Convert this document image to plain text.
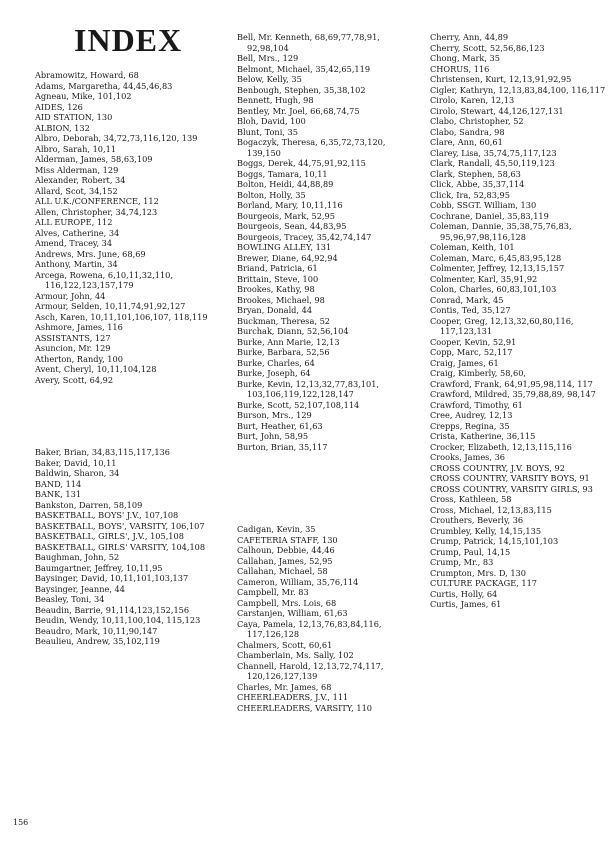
INDEX
Abramowitz, Howard, 68
Adams, Margaretha, 44,45,46,83
Agneau, Mike, 101,102
AIDES, 126
AID STATION, 130
ALBION, 132
Albro, Deborah, 34,72,73,116,120, 139
Albro, Sarah, 10,11
Alderman, James, 58,63,109
Miss Alderman, 129
Alexander, Robert, 34
Allard, Scot, 34,152
ALL U.K./CONFERENCE, 112
Allen, Christopher, 34,74,123
ALL EUROPE, 112
Alves, Catherine, 34
Amend, Tracey, 34
Andrews, Mrs. June, 68,69
Anthony, Martin, 34
Arcega, Rowena, 6,10,11,32,110, 116,122,123,157,179
Armour, John, 44
Armour, Selden, 10,11,74,91,92,127
Asch, Karen, 10,11,101,106,107, 118,119
Ashmore, James, 116
ASSISTANTS, 127
Asuncion, Mr. 129
Atherton, Randy, 100
Avent, Cheryl, 10,11,104,128
Avery, Scott, 64,92
Baker, Brian, 34,83,115,117,136
Baker, David, 10,11
Baldwin, Sharon, 34
BAND, 114
BANK, 131
Bankston, Darren, 58,109
BASKETBALL, BOYS' J.V., 107,108
BASKETBALL, BOYS', VARSITY, 106,107
BASKETBALL, GIRLS', J.V., 105,108
BASKETBALL, GIRLS' VARSITY, 104,108
Baughman, John, 52
Baumgartner, Jeffrey, 10,11,95
Baysinger, David, 10,11,101,103,137
Baysinger, Jeanne, 44
Beasley, Toni, 34
Beaudin, Barrie, 91,114,123,152,156
Beudin, Wendy, 10,11,100,104, 115,123
Beaudro, Mark, 10,11,90,147
Beaulieu, Andrew, 35,102,119
Bell, Mr. Kenneth, 68,69,77,78,91, 92,98,104
Bell, Mrs., 129
Belmont, Michael, 35,42,65,119
Below, Kelly, 35
Benbough, Stephen, 35,38,102
Bennett, Hugh, 98
Bentley, Mr. Joel, 66,68,74,75
Bloh, David, 100
Blunt, Toni, 35
Bogaczyk, Theresa, 6,35,72,73,120, 139,150
Boggs, Derek, 44,75,91,92,115
Boggs, Tamara, 10,11
Bolton, Heidi, 44,88,89
Bolton, Holly, 35
Borland, Mary, 10,11,116
Bourgeois, Mark, 52,95
Bourgeois, Sean, 44,83,95
Bourgeois, Tracey, 35,42,74,147
BOWLING ALLEY, 131
Brewer, Diane, 64,92,94
Briand, Patricia, 61
Brittain, Steve, 100
Brookes, Kathy, 98
Brookes, Michael, 98
Bryan, Donald, 44
Buckman, Theresa, 52
Burchak, Diann, 52,56,104
Burke, Ann Marie, 12,13
Burke, Barbara, 52,56
Burke, Charles, 64
Burke, Joseph, 64
Burke, Kevin, 12,13,32,77,83,101, 103,106,119,122,128,147
Burke, Scott, 52,107,108,114
Burson, Mrs., 129
Burt, Heather, 61,63
Burt, John, 58,95
Burton, Brian, 35,117
Cadigan, Kevin, 35
CAFETERIA STAFF, 130
Calhoun, Debbie, 44,46
Callahan, James, 52,95
Callahan, Michael, 58
Cameron, William, 35,76,114
Campbell, Mr. 83
Campbell, Mrs. Lois, 68
Carstanjen, William, 61,63
Caya, Pamela, 12,13,76,83,84,116, 117,126,128
Chalmers, Scott, 60,61
Chamberlain, Ms. Sally, 102
Channell, Harold, 12,13,72,74,117, 120,126,127,139
Charles, Mr. James, 68
CHEERLEADERS, J.V., 111
CHEERLEADERS, VARSITY, 110
Cherry, Ann, 44,89
Cherry, Scott, 52,56,86,123
Chong, Mark, 35
CHORUS, 116
Christensen, Kurt, 12,13,91,92,95
Cigler, Kathryn, 12,13,83,84,100, 116,117
Cirolo, Karen, 12,13
Cirolo, Stewart, 44,126,127,131
Clabo, Christopher, 52
Clabo, Sandra, 98
Clare, Ann, 60,61
Clarey, Lisa, 35,74,75,117,123
Clark, Randall, 45,50,119,123
Clark, Stephen, 58,63
Click, Abbe, 35,37,114
Click, Ira, 52,83,95
Cobb, SSGT. William, 130
Cochrane, Daniel, 35,83,119
Coleman, Dannie, 35,38,75,76,83, 95,96,97,98,116,128
Coleman, Keith, 101
Coleman, Marc, 6,45,83,95,128
Colmenter, Jeffrey, 12,13,15,157
Colmenter, Karl, 35,91,92
Colon, Charles, 60,83,101,103
Conrad, Mark, 45
Contis, Ted, 35,127
Cooper, Greg, 12,13,32,60,80,116, 117,123,131
Cooper, Kevin, 52,91
Copp, Marc, 52,117
Craig, James, 61
Craig, Kimberly, 58,60,
Crawford, Frank, 64,91,95,98,114, 117
Crawford, Mildred, 35,79,88,89, 98,147
Crawford, Timothy, 61
Cree, Audrey, 12,13
Crepps, Regina, 35
Crista, Katherine, 36,115
Crocker, Elizabeth, 12,13,115,116
Crooks, James, 36
CROSS COUNTRY, J.V. BOYS, 92
CROSS COUNTRY, VARSITY BOYS, 91
CROSS COUNTRY, VARSITY GIRLS, 93
Cross, Kathleen, 58
Cross, Michael, 12,13,83,115
Crouthers, Beverly, 36
Crumbley, Kelly, 14,15,135
Crump, Patrick, 14,15,101,103
Crump, Paul, 14,15
Crump, Mr., 83
Crumpton, Mrs. D, 130
CULTURE PACKAGE, 117
Curtis, Holly, 64
Curtis, James, 61
156
